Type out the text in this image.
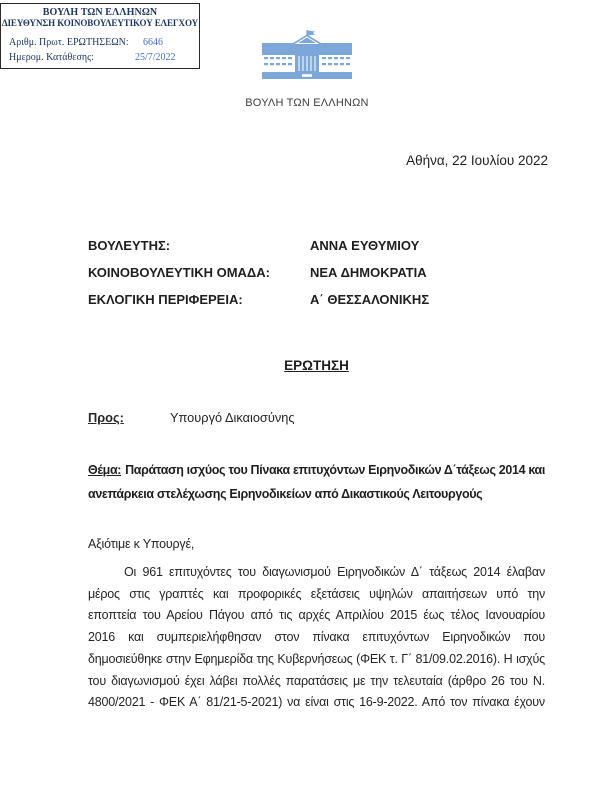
ΒΟΥΛΗ ΤΩΝ ΕΛΛΗΝΩΝ
ΔΙΕΥΘΥΝΣΗ ΚΟΙΝΟΒΟΥΛΕΥΤΙΚΟΥ ΕΛΕΓΧΟΥ
Αριθμ. Πρωτ. ΕΡΩΤΗΣΕΩΝ:	6646
Ημερομ. Κατάθεσης:	25/7/2022
ΒΟΥΛΗ ΤΩΝ ΕΛΛΗΝΩΝ
Αθήνα, 22 Ιουλίου 2022
ΒΟΥΛΕΥΤΗΣ:	ΑΝΝΑ ΕΥΘΥΜΙΟΥ
ΚΟΙΝΟΒΟΥΛΕΥΤΙΚΗ ΟΜΑΔΑ:	ΝΕΑ ΔΗΜΟΚΡΑΤΙΑ
ΕΚΛΟΓΙΚΗ ΠΕΡΙΦΕΡΕΙΑ:	Α΄ ΘΕΣΣΑΛΟΝΙΚΗΣ
ΕΡΩΤΗΣΗ
Προς:	Υπουργό Δικαιοσύνης
Θέμα: Παράταση ισχύος του Πίνακα επιτυχόντων Ειρηνοδικών Δ΄τάξεως 2014 και
ανεπάρκεια στελέχωσης Ειρηνοδικείων από Δικαστικούς Λειτουργούς
Αξιότιμε κ Υπουργέ,
Οι 961 επιτυχόντες του διαγωνισμού Ειρηνοδικών Δ΄ τάξεως 2014 έλαβαν
μέρος στις γραπτές και προφορικές εξετάσεις υψηλών απαιτήσεων υπό την
εποπτεία του Αρείου Πάγου από τις αρχές Απριλίου 2015 έως τέλος Ιανουαρίου
2016 και συμπεριελήφθησαν στον πίνακα επιτυχόντων Ειρηνοδικών που
δημοσιεύθηκε στην Εφημερίδα της Κυβερνήσεως (ΦΕΚ τ. Γ΄ 81/09.02.2016). Η ισχύς
του διαγωνισμού έχει λάβει πολλές παρατάσεις με την τελευταία (άρθρο 26 του Ν.
4800/2021 - ΦΕΚ Α΄ 81/21-5-2021) να είναι στις 16-9-2022. Από τον πίνακα έχουν
